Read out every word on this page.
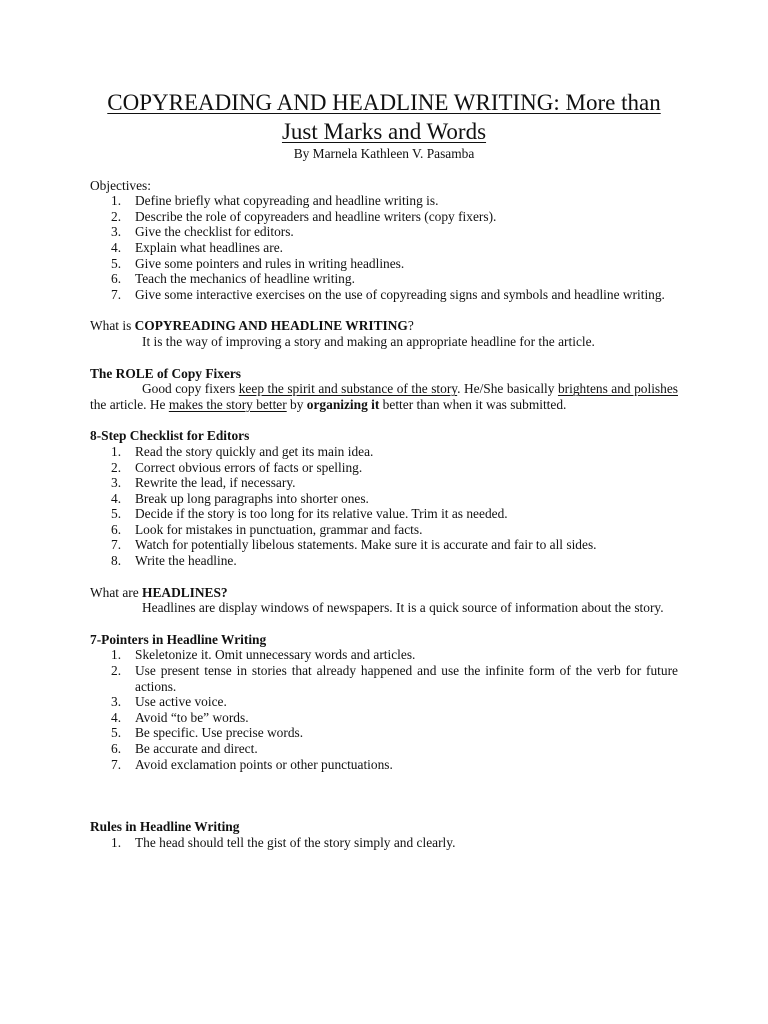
COPYREADING AND HEADLINE WRITING: More than Just Marks and Words

By Marnela Kathleen V. Pasamba

Objectives:

1.	Define briefly what copyreading and headline writing is.
2.	Describe the role of copyreaders and headline writers (copy fixers).
3.	Give the checklist for editors.
4.	Explain what headlines are.
5.	Give some pointers and rules in writing headlines.
6.	Teach the mechanics of headline writing.
7.	Give some interactive exercises on the use of copyreading signs and symbols and headline writing.

What is COPYREADING AND HEADLINE WRITING?

It is the way of improving a story and making an appropriate headline for the article.

The ROLE of Copy Fixers

Good copy fixers keep the spirit and substance of the story. He/She basically brightens and polishes the article. He makes the story better by organizing it better than when it was submitted.

8-Step Checklist for Editors

1.	Read the story quickly and get its main idea.
2.	Correct obvious errors of facts or spelling.
3.	Rewrite the lead, if necessary.
4.	Break up long paragraphs into shorter ones.
5.	Decide if the story is too long for its relative value. Trim it as needed.
6.	Look for mistakes in punctuation, grammar and facts.
7.	Watch for potentially libelous statements. Make sure it is accurate and fair to all sides.
8.	Write the headline.

What are HEADLINES?

Headlines are display windows of newspapers. It is a quick source of information about the story.

7-Pointers in Headline Writing

1.	Skeletonize it. Omit unnecessary words and articles.
2.	Use present tense in stories that already happened and use the infinite form of the verb for future actions.
3.	Use active voice.
4.	Avoid “to be” words.
5.	Be specific. Use precise words.
6.	Be accurate and direct.
7.	Avoid exclamation points or other punctuations.

Rules in Headline Writing

1.	The head should tell the gist of the story simply and clearly.
